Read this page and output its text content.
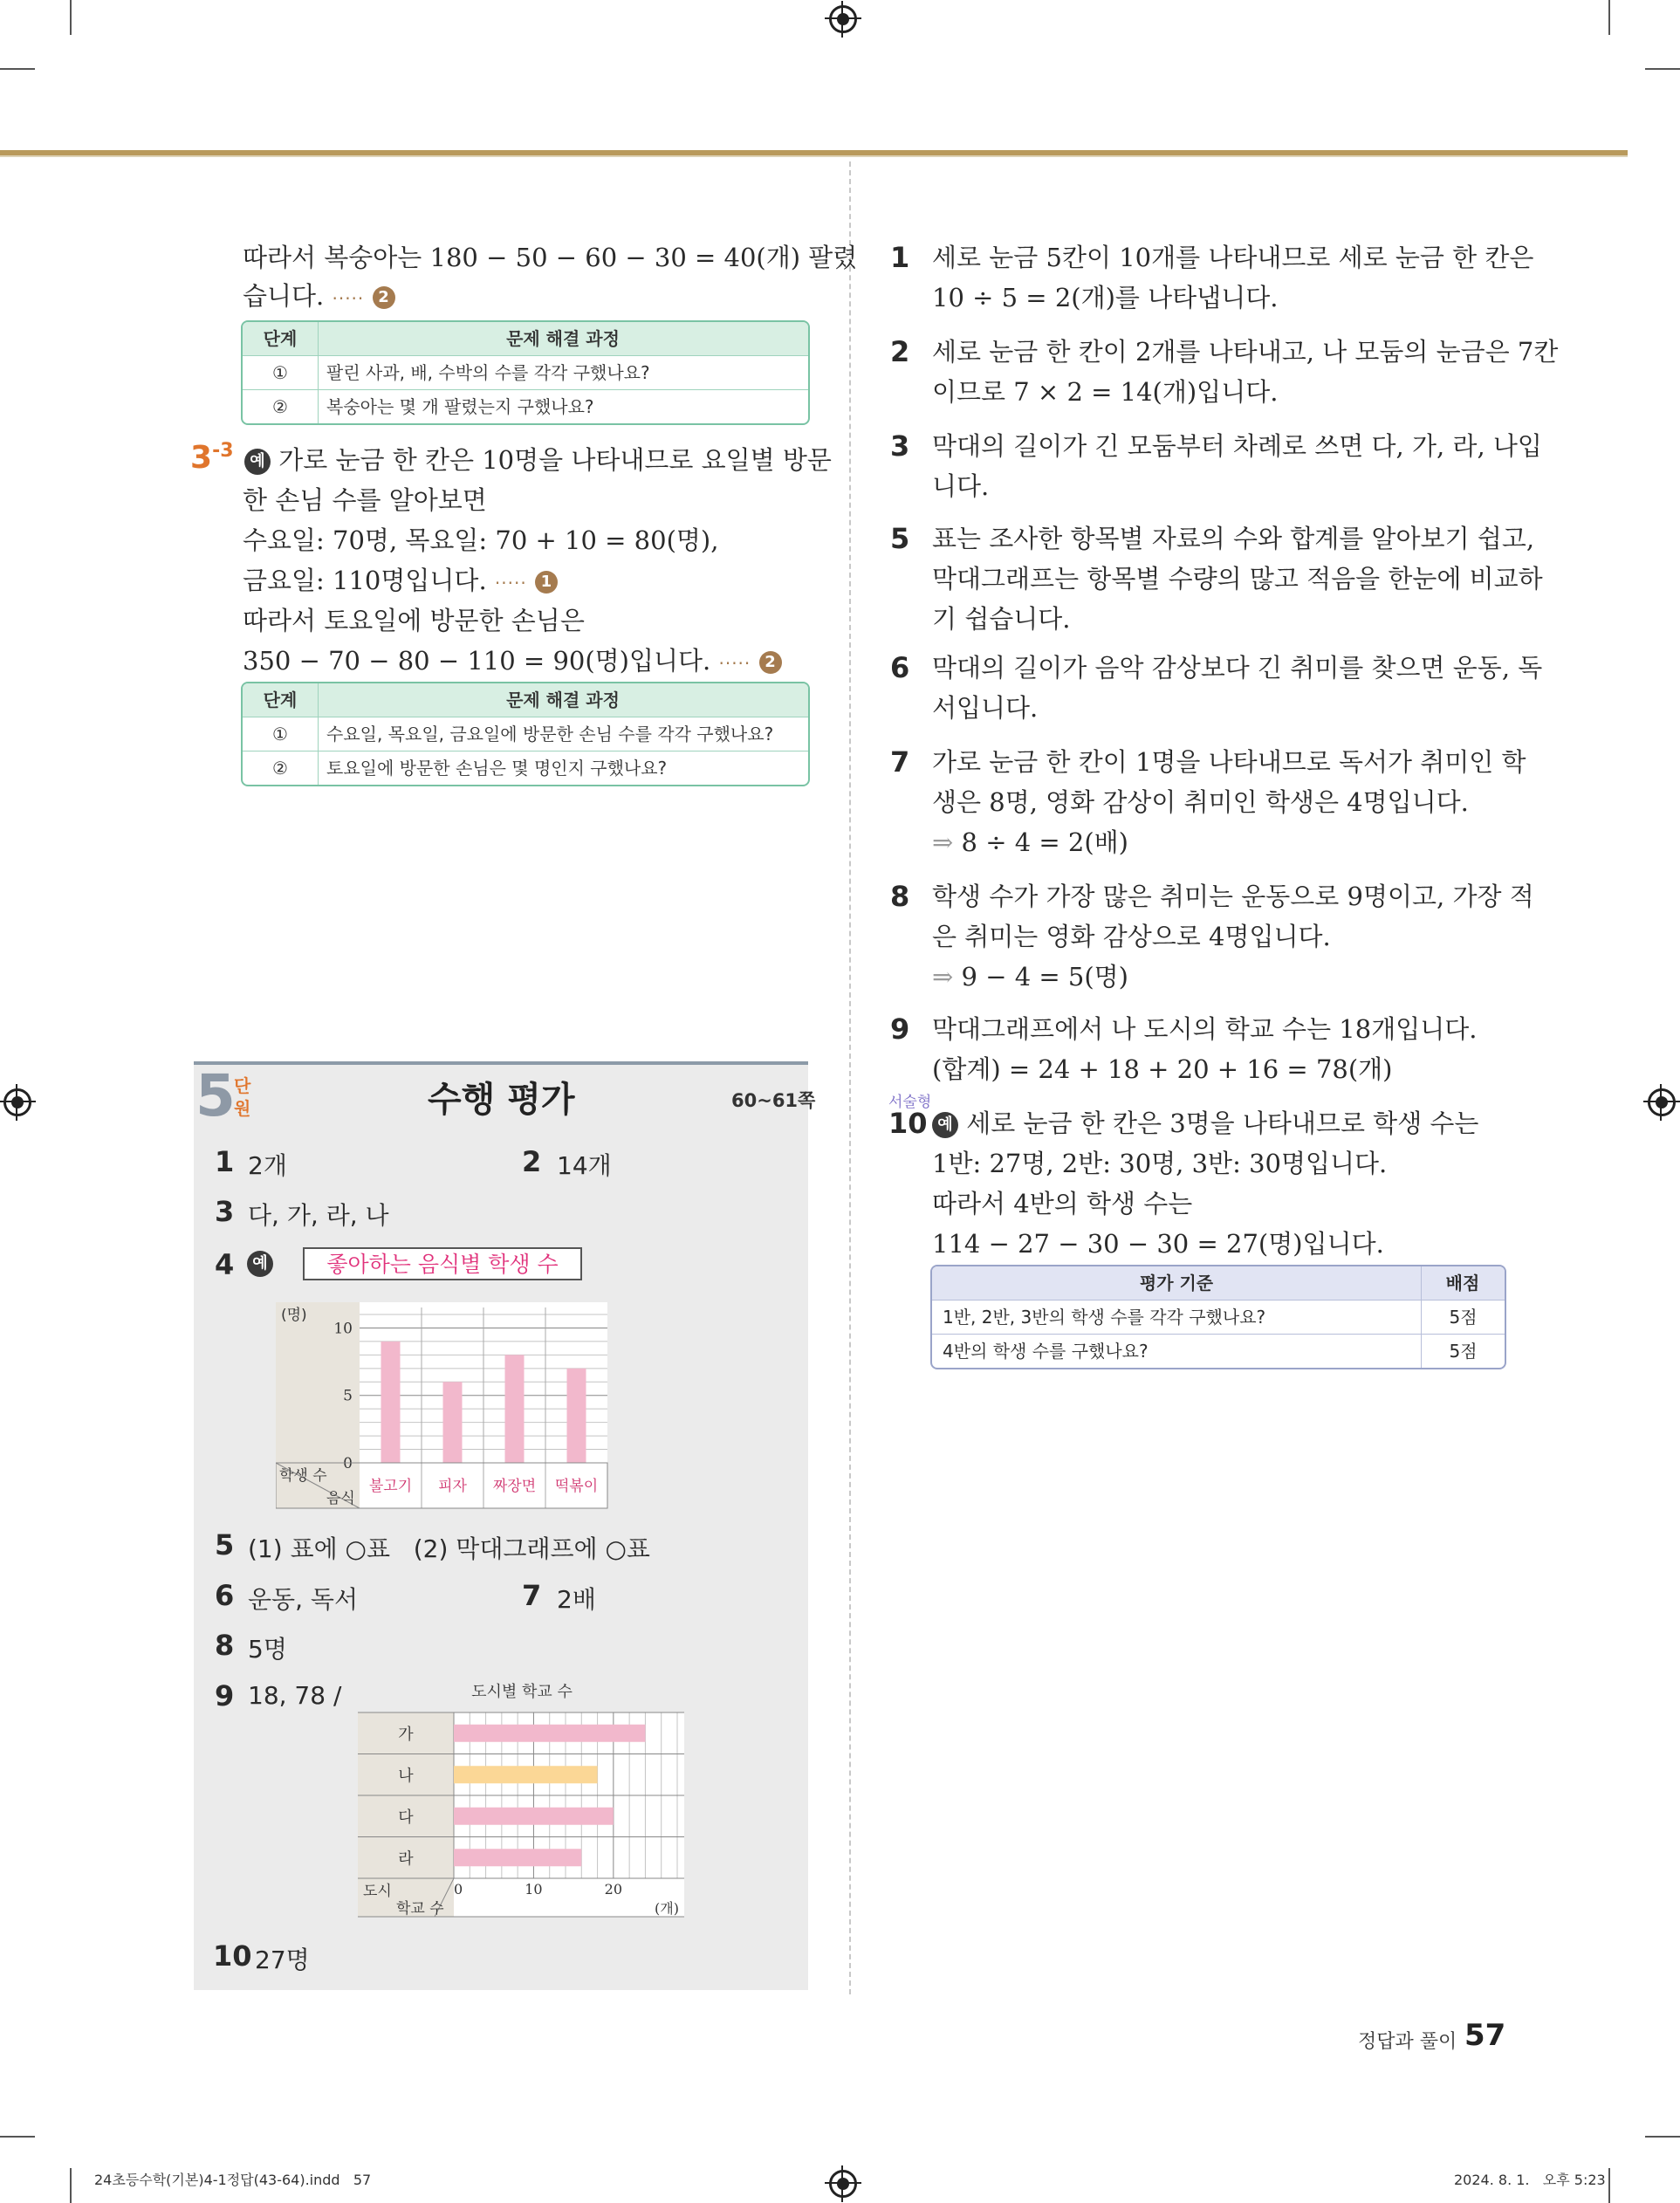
따라서 복숭아는 180 − 50 − 60 − 30 = 40(개) 팔렸
습니다. ····· 2
단계	문제 해결 과정
①	팔린 사과, 배, 수박의 수를 각각 구했나요?
②	복숭아는 몇 개 팔렸는지 구했나요?
3-3	예 가로 눈금 한 칸은 10명을 나타내므로 요일별 방문
한 손님 수를 알아보면
수요일: 70명, 목요일: 70 + 10 = 80(명),
금요일: 110명입니다. ····· 1
따라서 토요일에 방문한 손님은
350 − 70 − 80 − 110 = 90(명)입니다. ····· 2
단계	문제 해결 과정
①	수요일, 목요일, 금요일에 방문한 손님 수를 각각 구했나요?
②	토요일에 방문한 손님은 몇 명인지 구했나요?
5
단
원	수행 평가	60~61쪽
1 2개	2 14개
3 다, 가, 라, 나
4	예	좋아하는 음식별 학생 수
0
5
10
불고기 피자 짜장면 떡볶이
(명)
학생 수
음식
5 (1) 표에 ○표   (2) 막대그래프에 ○표
6 운동, 독서	7 2배
8 5명
9 18, 78 /	도시별 학교 수
가
나
다
라
0	10	20
도시
학교 수	(개)
10 27명
1 세로 눈금 5칸이 10개를 나타내므로 세로 눈금 한 칸은
10 ÷ 5 = 2(개)를 나타냅니다.
2 세로 눈금 한 칸이 2개를 나타내고, 나 모둠의 눈금은 7칸
이므로 7 × 2 = 14(개)입니다.
3 막대의 길이가 긴 모둠부터 차례로 쓰면 다, 가, 라, 나입
니다.
5 표는 조사한 항목별 자료의 수와 합계를 알아보기 쉽고,
막대그래프는 항목별 수량의 많고 적음을 한눈에 비교하
기 쉽습니다.
6 막대의 길이가 음악 감상보다 긴 취미를 찾으면 운동, 독
서입니다.
7 가로 눈금 한 칸이 1명을 나타내므로 독서가 취미인 학
생은 8명, 영화 감상이 취미인 학생은 4명입니다.
⇒ 8 ÷ 4 = 2(배)
8 학생 수가 가장 많은 취미는 운동으로 9명이고, 가장 적
은 취미는 영화 감상으로 4명입니다.
⇒ 9 − 4 = 5(명)
9 막대그래프에서 나 도시의 학교 수는 18개입니다.
(합계) = 24 + 18 + 20 + 16 = 78(개)
서술형
10 예 세로 눈금 한 칸은 3명을 나타내므로 학생 수는
1반: 27명, 2반: 30명, 3반: 30명입니다.
따라서 4반의 학생 수는
114 − 27 − 30 − 30 = 27(명)입니다.
평가 기준	배점
1반, 2반, 3반의 학생 수를 각각 구했나요?	5점
4반의 학생 수를 구했나요?	5점
정답과 풀이 57
24초등수학(기본)4-1정답(43-64).indd   57	2024. 8. 1.   오후 5:23
